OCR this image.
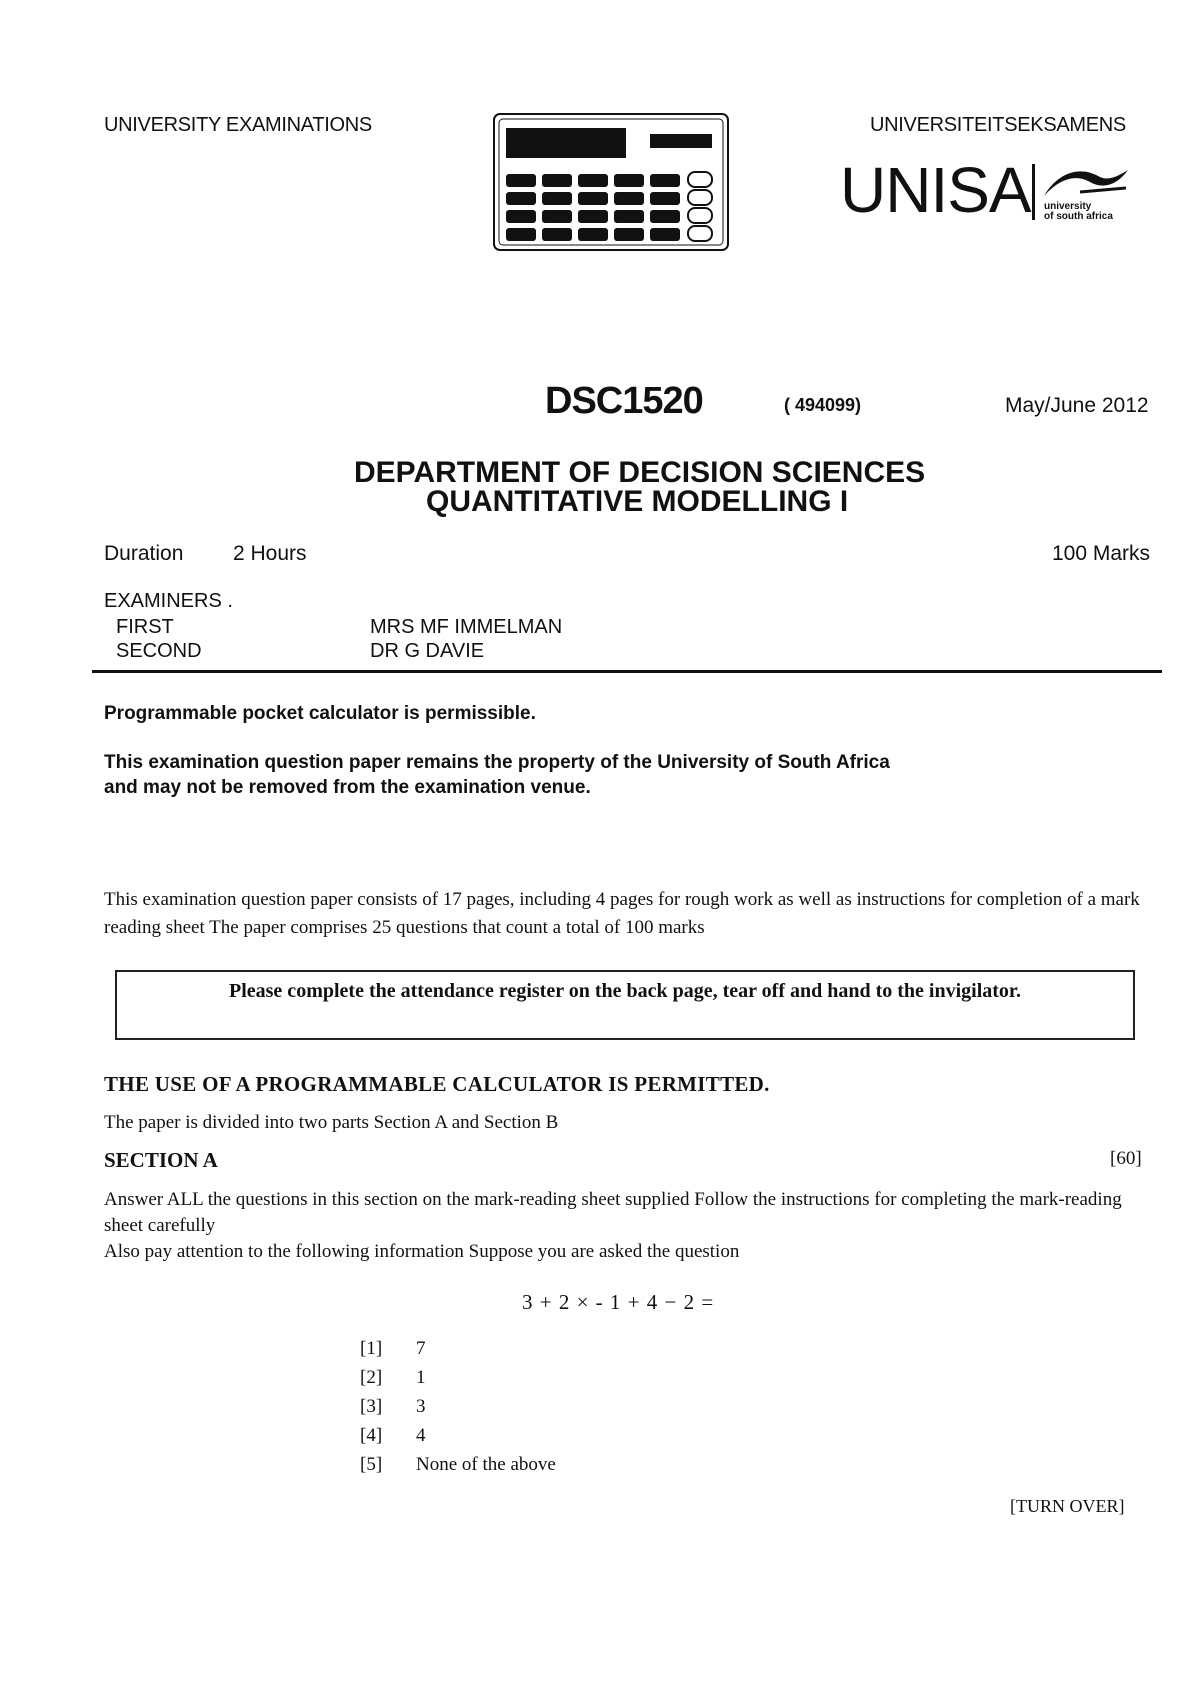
UNIVERSITY EXAMINATIONS	UNIVERSITEITSEKSAMENS
UNISA university
of south africa
DSC1520	( 494099)	May/June 2012
DEPARTMENT OF DECISION SCIENCES
QUANTITATIVE MODELLING I
Duration 2 Hours	100 Marks
EXAMINERS .
FIRST	MRS MF IMMELMAN
SECOND	DR G DAVIE
Programmable pocket calculator is permissible.
This examination question paper remains the property of the University of South Africa
and may not be removed from the examination venue.
This examination question paper consists of 17 pages, including 4 pages for rough work as well as instructions for completion of a mark reading sheet The paper comprises 25 questions that count a total of 100 marks
Please complete the attendance register on the back page, tear off and hand to the invigilator.
THE USE OF A PROGRAMMABLE CALCULATOR IS PERMITTED.
The paper is divided into two parts Section A and Section B
SECTION A	[60]
Answer ALL the questions in this section on the mark-reading sheet supplied Follow the instructions for completing the mark-reading sheet carefully
Also pay attention to the following information Suppose you are asked the question
3 + 2 × - 1 + 4 − 2 =
[1]	7
[2]	1
[3]	3
[4]	4
[5]	None of the above
[TURN OVER]
